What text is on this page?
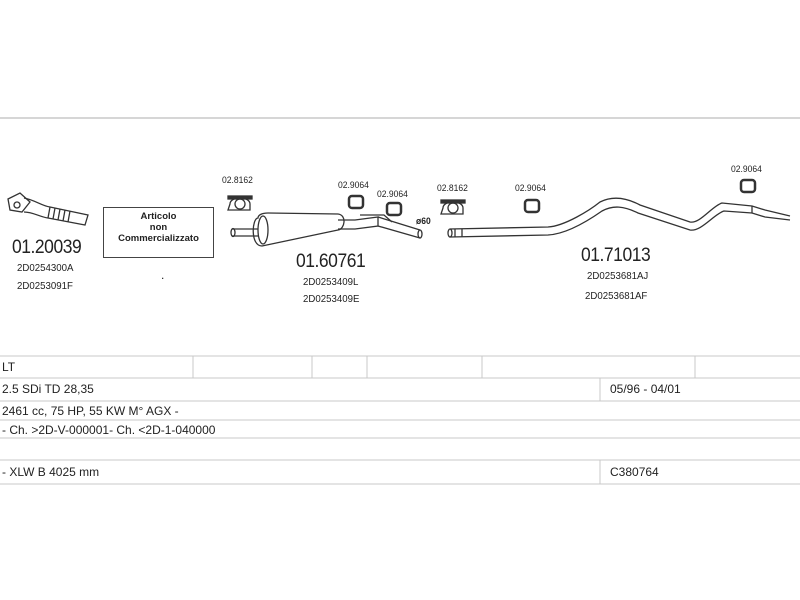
Articolo
non
Commercializzato
.
01.20039
2D0254300A
2D0253091F
01.60761
2D0253409L
2D0253409E
01.71013
2D0253681AJ
2D0253681AF
02.8162	02.9064
02.9064
02.8162	02.9064
02.9064
ø60
LT
2.5 SDi TD 28,35	05/96 - 04/01
2461 cc, 75 HP, 55 KW M° AGX -
- Ch. >2D-V-000001- Ch. <2D-1-040000
- XLW B 4025 mm	C380764
